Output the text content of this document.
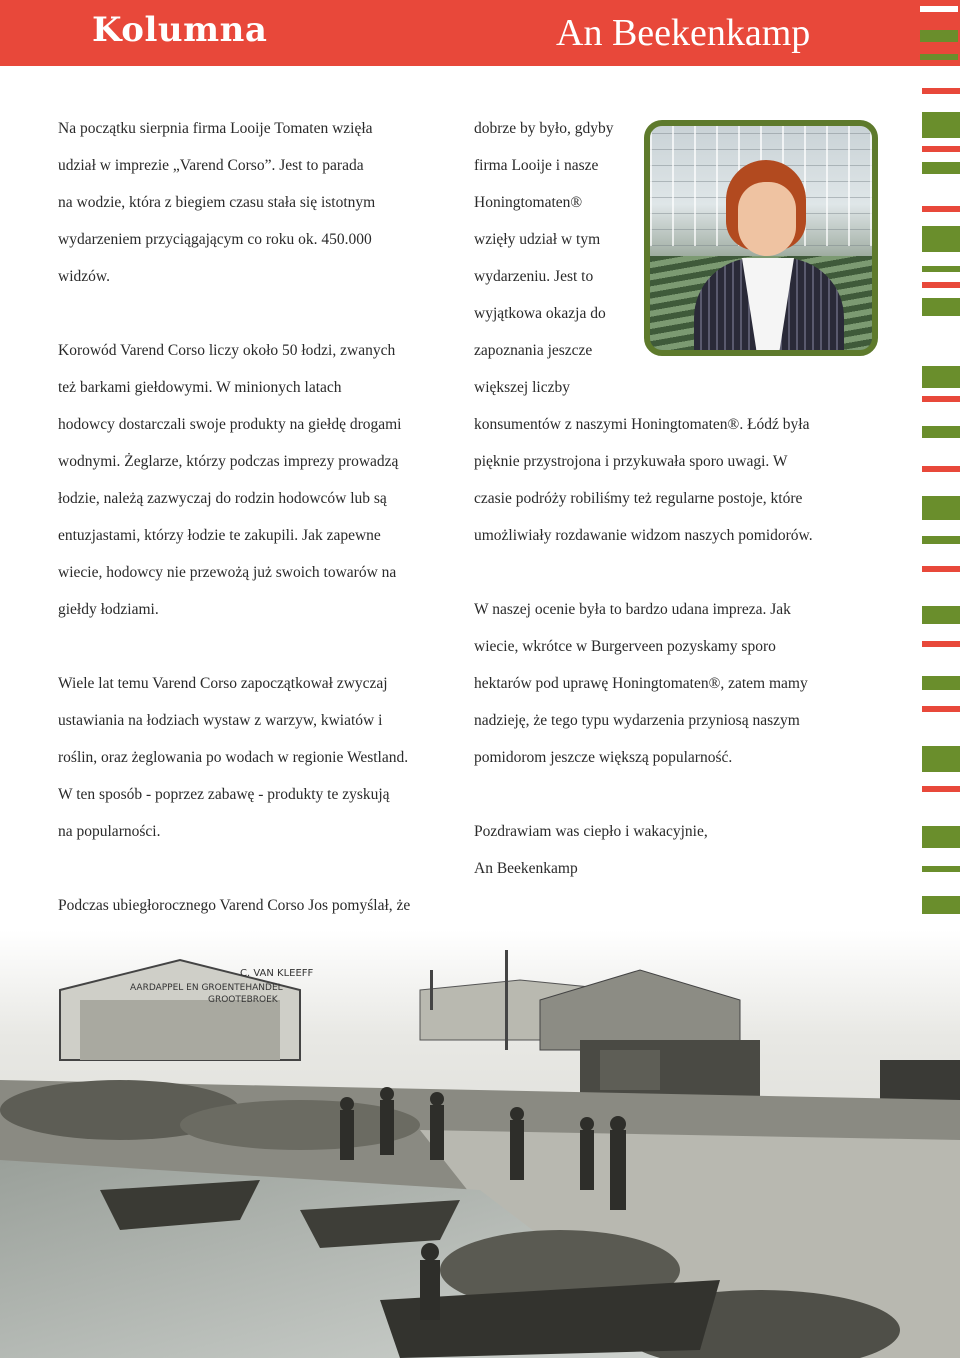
Kolumna	An Beekenkamp
Na początku sierpnia firma Looije Tomaten wzięła
udział w imprezie „Varend Corso”. Jest to parada
na wodzie, która z biegiem czasu stała się istotnym
wydarzeniem przyciągającym co roku ok. 450.000
widzów.
Korowód Varend Corso liczy około 50 łodzi, zwanych
też barkami giełdowymi. W minionych latach
hodowcy dostarczali swoje produkty na giełdę drogami
wodnymi. Żeglarze, którzy podczas imprezy prowadzą
łodzie, należą zazwyczaj do rodzin hodowców lub są
entuzjastami, którzy łodzie te zakupili. Jak zapewne
wiecie, hodowcy nie przewożą już swoich towarów na
giełdy łodziami.
Wiele lat temu Varend Corso zapoczątkował zwyczaj
ustawiania na łodziach wystaw z warzyw, kwiatów i
roślin, oraz żeglowania po wodach w regionie Westland.
W ten sposób - poprzez zabawę - produkty te zyskują
na popularności.
Podczas ubiegłorocznego Varend Corso Jos pomyślał, że
dobrze by było, gdyby
firma Looije i nasze
Honingtomaten®
wzięły udział w tym
wydarzeniu. Jest to
wyjątkowa okazja do
zapoznania jeszcze
większej liczby
konsumentów z naszymi Honingtomaten®. Łódź była
pięknie przystrojona i przykuwała sporo uwagi. W
czasie podróży robiliśmy też regularne postoje, które
umożliwiały rozdawanie widzom naszych pomidorów.
W naszej ocenie była to bardzo udana impreza. Jak
wiecie, wkrótce w Burgerveen pozyskamy sporo
hektarów pod uprawę Honingtomaten®, zatem mamy
nadzieję, że tego typu wydarzenia przyniosą naszym
pomidorom jeszcze większą popularność.
Pozdrawiam was ciepło i wakacyjnie,
An Beekenkamp
C. VAN KLEEFF
AARDAPPEL EN GROENTEHANDEL
GROOTEBROEK
